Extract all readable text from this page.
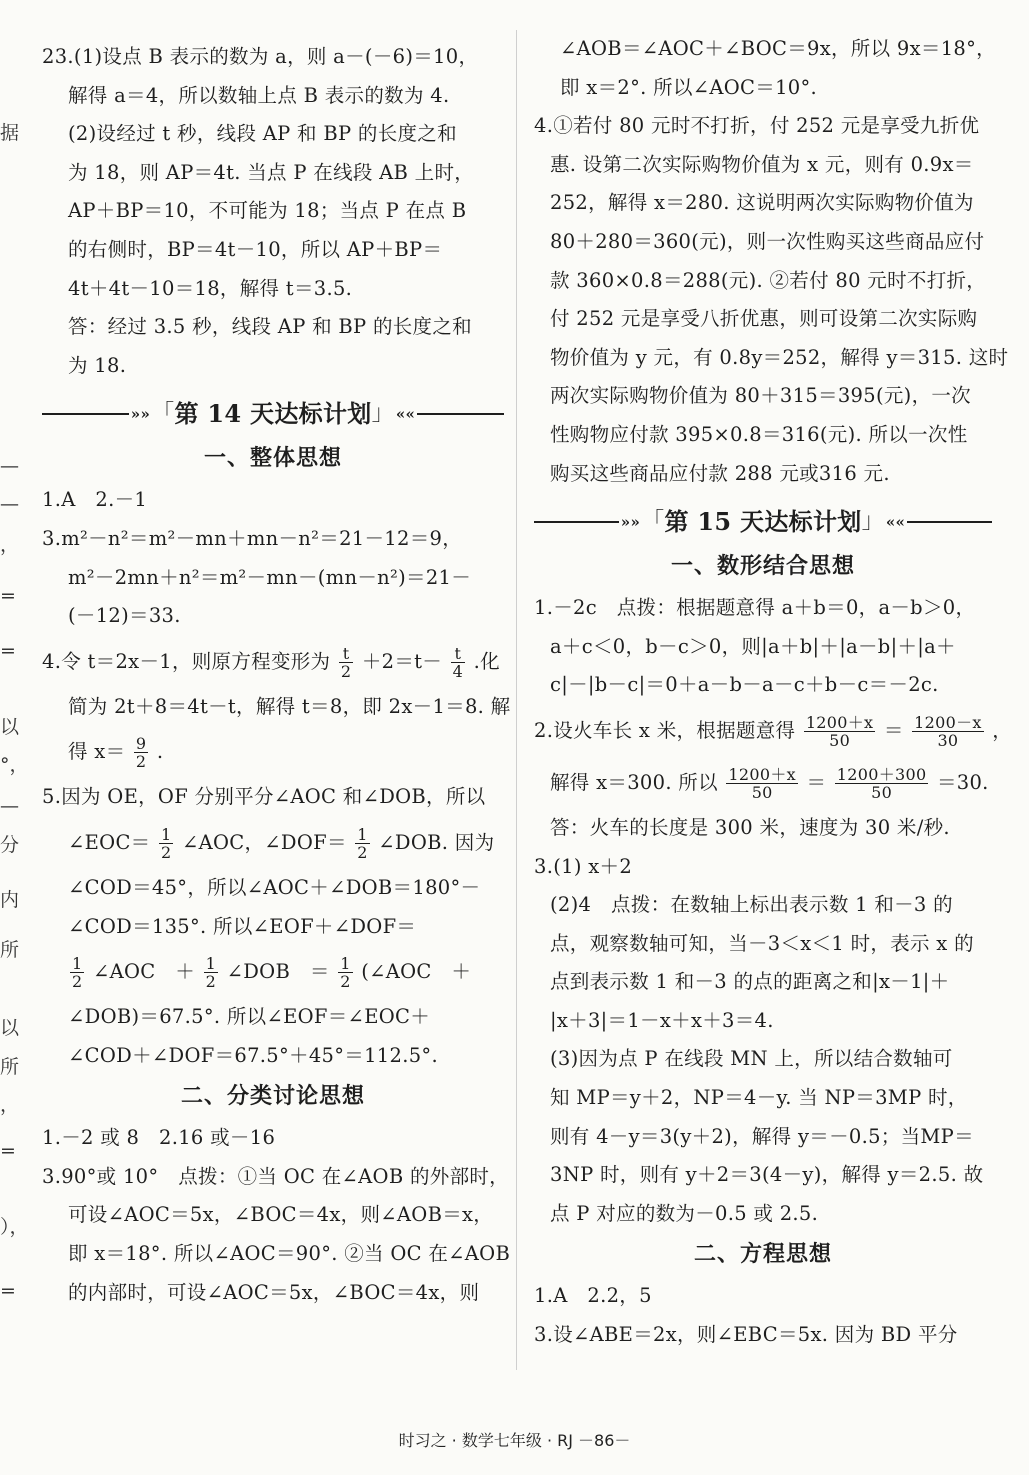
据
—
—
，
=
=
以
°，
—
分
内
所
以
所
，
=
），
=
23.(1)设点 B 表示的数为 a，则 a－(－6)＝10，
解得 a＝4，所以数轴上点 B 表示的数为 4.
(2)设经过 t 秒，线段 AP 和 BP 的长度之和
为 18，则 AP＝4t. 当点 P 在线段 AB 上时，
AP＋BP＝10，不可能为 18；当点 P 在点 B
的右侧时，BP＝4t－10，所以 AP＋BP＝
4t＋4t－10＝18，解得 t＝3.5.
答：经过 3.5 秒，线段 AP 和 BP 的长度之和
为 18.
»» 「 第 14 天达标计划 」 ««
一、整体思想
1.A　2.－1
3.m²－n²＝m²－mn＋mn－n²＝21－12＝9，
m²－2mn＋n²＝m²－mn－(mn－n²)＝21－
(－12)＝33.
4.令 t＝2x－1，则原方程变形为 $\frac{t}{2} +2=t- \frac{t}{4}$ .化
简为 2t＋8＝4t－t，解得 t＝8，即 2x－1＝8. 解
得 $x= \frac{9}{2}$ .
5.因为 OE，OF 分别平分∠AOC 和∠DOB，所以
∠EOC＝ $\frac{1}{2}$ ∠AOC，∠DOF＝ $\frac{1}{2}$ ∠DOB. 因为
∠COD＝45°，所以∠AOC＋∠DOB＝180°－
∠COD＝135°. 所以∠EOF＋∠DOF＝
$\frac{1}{2}$ ∠AOC　＋ $\frac{1}{2}$ ∠DOB　＝ $\frac{1}{2}$ (∠AOC　＋
∠DOB)＝67.5°. 所以∠EOF＝∠EOC＋
∠COD＋∠DOF＝67.5°＋45°＝112.5°.
二、分类讨论思想
1.－2 或 8　2.16 或－16
3.90°或 10°　点拨：①当 OC 在∠AOB 的外部时，
可设∠AOC＝5x，∠BOC＝4x，则∠AOB＝x，
即 x＝18°. 所以∠AOC＝90°. ②当 OC 在∠AOB
的内部时，可设∠AOC＝5x，∠BOC＝4x，则
∠AOB＝∠AOC＋∠BOC＝9x，所以 9x＝18°，
即 x＝2°. 所以∠AOC＝10°.
4.①若付 80 元时不打折，付 252 元是享受九折优
惠. 设第二次实际购物价值为 x 元，则有 0.9x＝
252，解得 x＝280. 这说明两次实际购物价值为
80＋280＝360(元)，则一次性购买这些商品应付
款 360×0.8＝288(元). ②若付 80 元时不打折，
付 252 元是享受八折优惠，则可设第二次实际购
物价值为 y 元，有 0.8y＝252，解得 y＝315. 这时
两次实际购物价值为 80＋315＝395(元)，一次
性购物应付款 395×0.8＝316(元). 所以一次性
购买这些商品应付款 288 元或316 元.
»» 「 第 15 天达标计划 」 ««
一、数形结合思想
1.－2c　点拨：根据题意得 a＋b＝0，a－b＞0，
a＋c＜0，b－c＞0，则|a＋b|＋|a－b|＋|a＋
c|－|b－c|＝0＋a－b－a－c＋b－c＝－2c.
2.设火车长 x 米，根据题意得 $\frac{1200+x}{50} = \frac{1200-x}{30}$ ，
解得 x＝300. 所以 $\frac{1200+x}{50} = \frac{1200+300}{50} =30$.
答：火车的长度是 300 米，速度为 30 米/秒.
3.(1) x＋2
(2)4　点拨：在数轴上标出表示数 1 和－3 的
点，观察数轴可知，当－3＜x＜1 时，表示 x 的
点到表示数 1 和－3 的点的距离之和|x－1|＋
|x＋3|＝1－x＋x＋3＝4.
(3)因为点 P 在线段 MN 上，所以结合数轴可
知 MP＝y＋2，NP＝4－y. 当 NP＝3MP 时，
则有 4－y＝3(y＋2)，解得 y＝－0.5；当MP＝
3NP 时，则有 y＋2＝3(4－y)，解得 y＝2.5. 故
点 P 对应的数为－0.5 或 2.5.
二、方程思想
1.A　2.2，5
3.设∠ABE＝2x，则∠EBC＝5x. 因为 BD 平分
时习之 · 数学七年级 · RJ －86－
